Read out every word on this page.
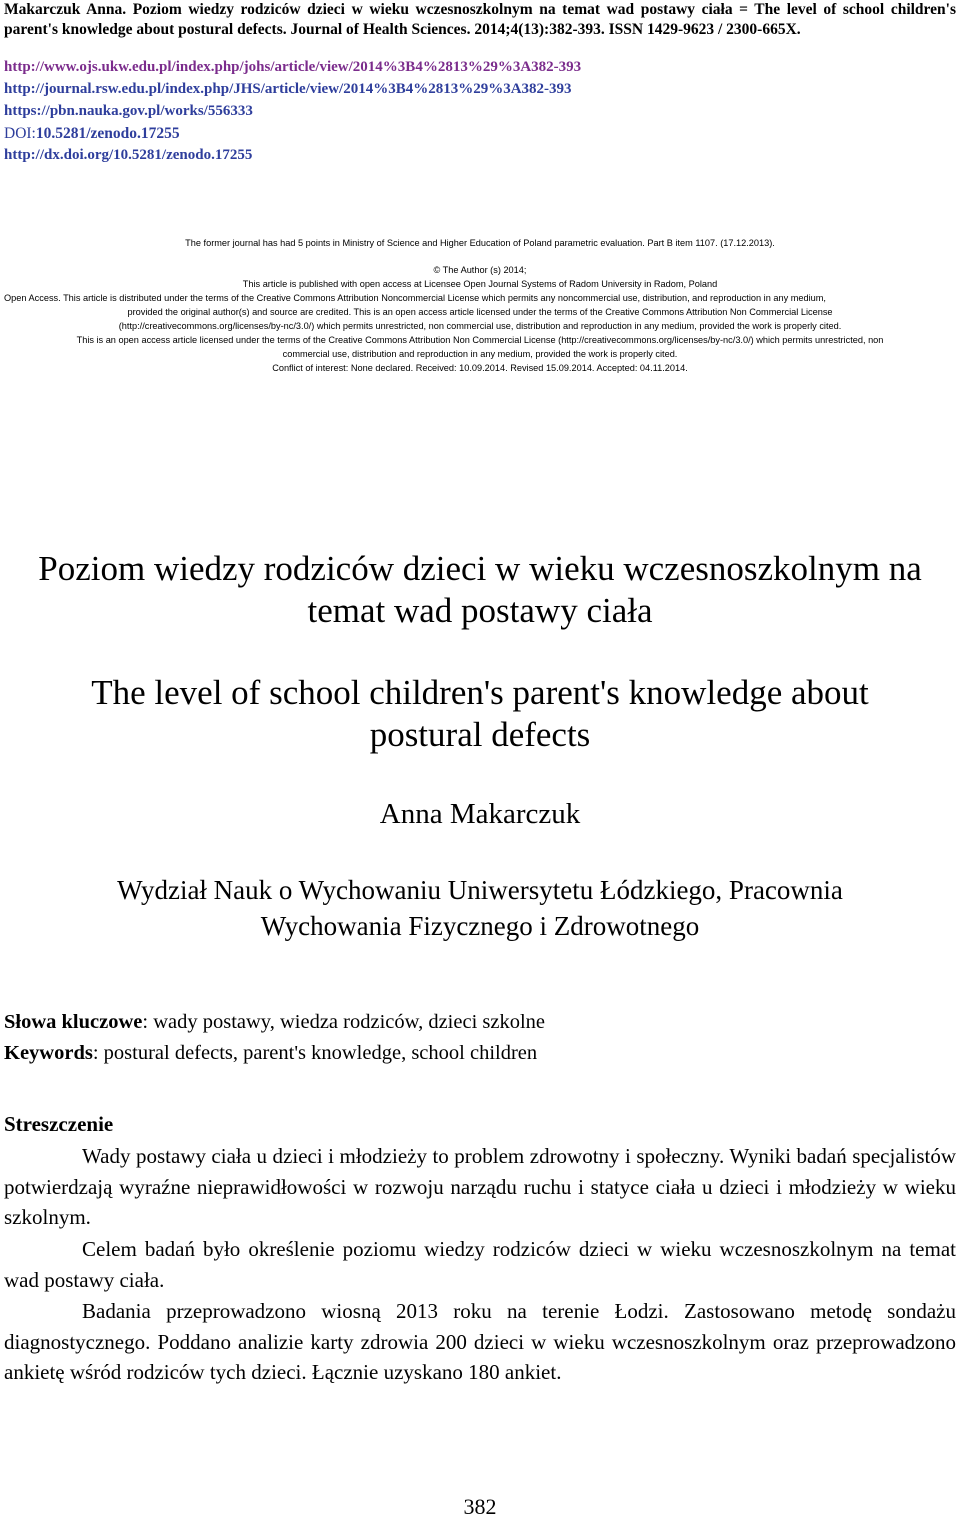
Makarczuk Anna. Poziom wiedzy rodziców dzieci w wieku wczesnoszkolnym na temat wad postawy ciała = The level of school children's parent's knowledge about postural defects. Journal of Health Sciences. 2014;4(13):382-393. ISSN 1429-9623 / 2300-665X.
http://www.ojs.ukw.edu.pl/index.php/johs/article/view/2014%3B4%2813%29%3A382-393
http://journal.rsw.edu.pl/index.php/JHS/article/view/2014%3B4%2813%29%3A382-393
https://pbn.nauka.gov.pl/works/556333
DOI:10.5281/zenodo.17255
http://dx.doi.org/10.5281/zenodo.17255
The former journal has had 5 points in Ministry of Science and Higher Education of Poland parametric evaluation. Part B item 1107. (17.12.2013).
© The Author (s) 2014;
This article is published with open access at Licensee Open Journal Systems of Radom University in Radom, Poland
Open Access. This article is distributed under the terms of the Creative Commons Attribution Noncommercial License which permits any noncommercial use, distribution, and reproduction in any medium,
provided the original author(s) and source are credited. This is an open access article licensed under the terms of the Creative Commons Attribution Non Commercial License
(http://creativecommons.org/licenses/by-nc/3.0/) which permits unrestricted, non commercial use, distribution and reproduction in any medium, provided the work is properly cited.
This is an open access article licensed under the terms of the Creative Commons Attribution Non Commercial License (http://creativecommons.org/licenses/by-nc/3.0/) which permits unrestricted, non
commercial use, distribution and reproduction in any medium, provided the work is properly cited.
Conflict of interest: None declared. Received: 10.09.2014. Revised 15.09.2014. Accepted: 04.11.2014.
Poziom wiedzy rodziców dzieci w wieku wczesnoszkolnym na
temat wad postawy ciała
The level of school children's parent's knowledge about
postural defects
Anna Makarczuk
Wydział Nauk o Wychowaniu Uniwersytetu Łódzkiego, Pracownia
Wychowania Fizycznego i Zdrowotnego
Słowa kluczowe: wady postawy, wiedza rodziców, dzieci szkolne
Keywords: postural defects, parent's knowledge, school children
Streszczenie
Wady postawy ciała u dzieci i młodzieży to problem zdrowotny i społeczny. Wyniki badań specjalistów potwierdzają wyraźne nieprawidłowości w rozwoju narządu ruchu i statyce ciała u dzieci i młodzieży w wieku szkolnym.
Celem badań było określenie poziomu wiedzy rodziców dzieci w wieku wczesnoszkolnym na temat wad postawy ciała.
Badania przeprowadzono wiosną 2013 roku na terenie Łodzi. Zastosowano metodę sondażu diagnostycznego. Poddano analizie karty zdrowia 200 dzieci w wieku wczesnoszkolnym oraz przeprowadzono ankietę wśród rodziców tych dzieci. Łącznie uzyskano 180 ankiet.
382
